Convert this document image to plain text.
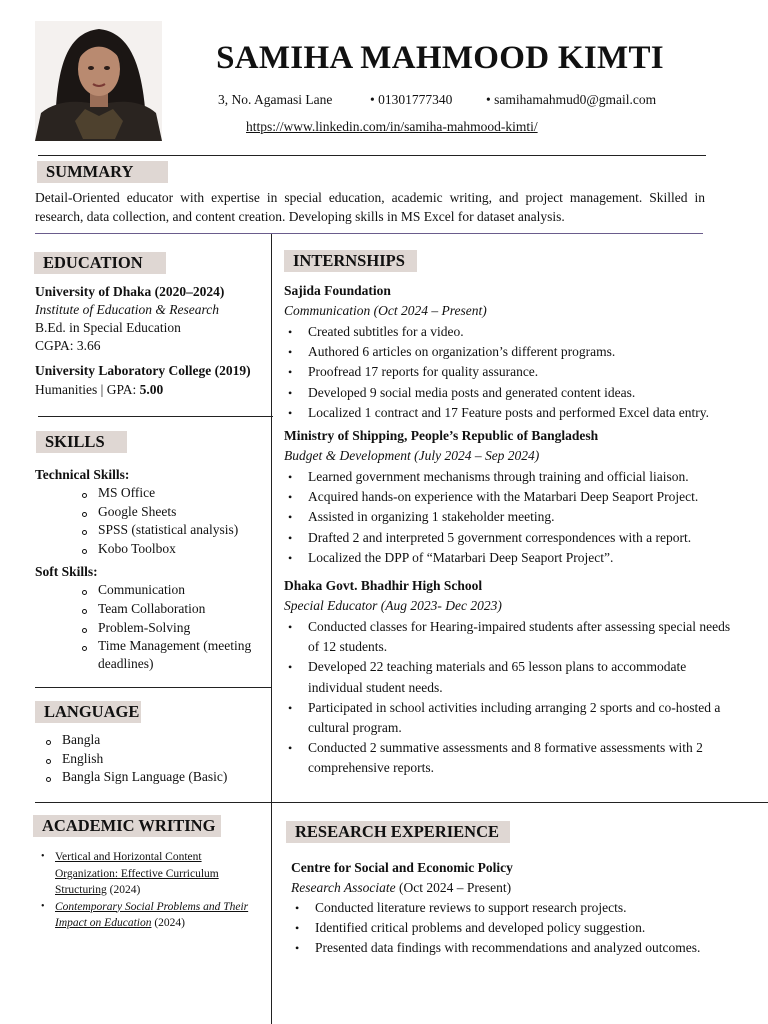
SAMIHA MAHMOOD KIMTI
3, No. Agamasi Lane	• 01301777340 • samihamahmud0@gmail.com
https://www.linkedin.com/in/samiha-mahmood-kimti/
SUMMARY
Detail-Oriented educator with expertise in special education, academic writing, and project management. Skilled in research, data collection, and content creation. Developing skills in MS Excel for dataset analysis.
EDUCATION
University of Dhaka (2020–2024)
Institute of Education & Research
B.Ed. in Special Education
CGPA: 3.66
University Laboratory College (2019)
Humanities | GPA: 5.00
SKILLS
Technical Skills:
MS Office
Google Sheets
SPSS (statistical analysis)
Kobo Toolbox
Soft Skills:
Communication
Team Collaboration
Problem-Solving
Time Management (meeting deadlines)
LANGUAGE
Bangla
English
Bangla Sign Language (Basic)
ACADEMIC WRITING
• Vertical and Horizontal Content Organization: Effective Curriculum Structuring (2024)
• Contemporary Social Problems and Their Impact on Education (2024)
INTERNSHIPS
Sajida Foundation
Communication (Oct 2024 – Present)
• Created subtitles for a video.
• Authored 6 articles on organization’s different programs.
• Proofread 17 reports for quality assurance.
• Developed 9 social media posts and generated content ideas.
• Localized 1 contract and 17 Feature posts and performed Excel data entry.
Ministry of Shipping, People’s Republic of Bangladesh
Budget & Development (July 2024 – Sep 2024)
• Learned government mechanisms through training and official liaison.
• Acquired hands-on experience with the Matarbari Deep Seaport Project.
• Assisted in organizing 1 stakeholder meeting.
• Drafted 2 and interpreted 5 government correspondences with a report.
• Localized the DPP of “Matarbari Deep Seaport Project”.
Dhaka Govt. Bhadhir High School
Special Educator (Aug 2023- Dec 2023)
• Conducted classes for Hearing-impaired students after assessing special needs of 12 students.
• Developed 22 teaching materials and 65 lesson plans to accommodate individual student needs.
• Participated in school activities including arranging 2 sports and co-hosted a cultural program.
• Conducted 2 summative assessments and 8 formative assessments with 2 comprehensive reports.
RESEARCH EXPERIENCE
Centre for Social and Economic Policy
Research Associate (Oct 2024 – Present)
• Conducted literature reviews to support research projects.
• Identified critical problems and developed policy suggestion.
• Presented data findings with recommendations and analyzed outcomes.
